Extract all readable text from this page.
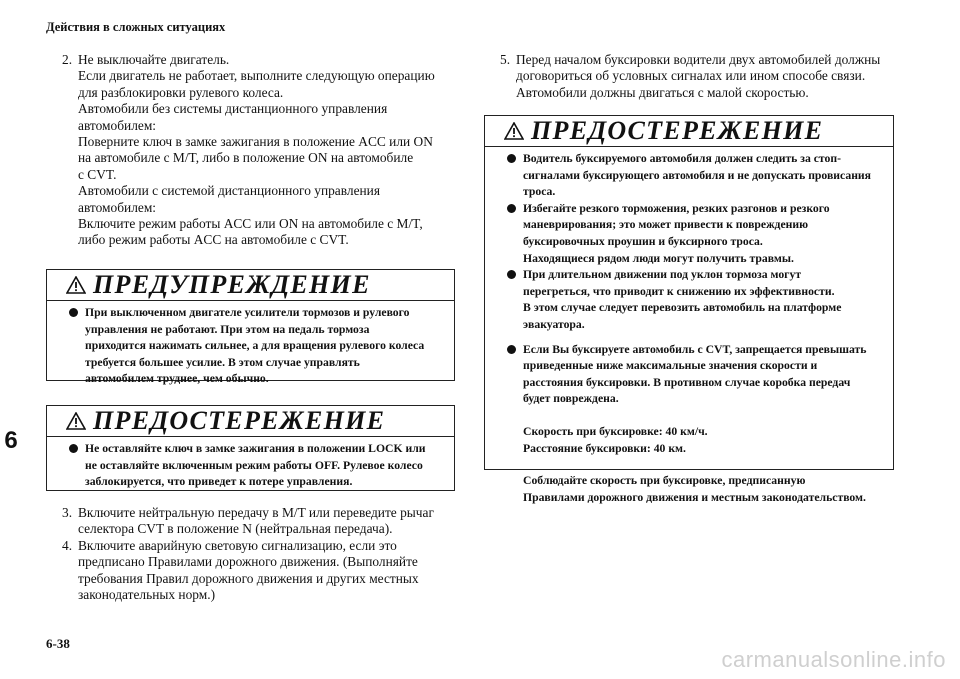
Действия в сложных ситуациях
6
2. Не выключайте двигатель.
Если двигатель не работает, выполните следующую операцию
для разблокировки рулевого колеса.
Автомобили без системы дистанционного управления
автомобилем:
Поверните ключ в замке зажигания в положение ACC или ON
на автомобиле с M/T, либо в положение ON на автомобиле
с CVT.
Автомобили с системой дистанционного управления
автомобилем:
Включите режим работы ACC или ON на автомобиле с M/T,
либо режим работы ACC на автомобиле с CVT.
ПРЕДУПРЕЖДЕНИЕ
При выключенном двигателе усилители тормозов и рулевого
управления не работают. При этом на педаль тормоза
приходится нажимать сильнее, а для вращения рулевого колеса
требуется большее усилие. В этом случае управлять
автомобилем труднее, чем обычно.
ПРЕДОСТЕРЕЖЕНИЕ
Не оставляйте ключ в замке зажигания в положении LOCK или
не оставляйте включенным режим работы OFF. Рулевое колесо
заблокируется, что приведет к потере управления.
3. Включите нейтральную передачу в M/T или переведите рычаг
селектора CVT в положение N (нейтральная передача).
4. Включите аварийную световую сигнализацию, если это
предписано Правилами дорожного движения. (Выполняйте
требования Правил дорожного движения и других местных
законодательных норм.)
5. Перед началом буксировки водители двух автомобилей должны
договориться об условных сигналах или ином способе связи.
Автомобили должны двигаться с малой скоростью.
ПРЕДОСТЕРЕЖЕНИЕ
Водитель буксируемого автомобиля должен следить за стоп-
сигналами буксирующего автомобиля и не допускать провисания
троса.
Избегайте резкого торможения, резких разгонов и резкого
маневрирования; это может привести к повреждению
буксировочных проушин и буксирного троса.
Находящиеся рядом люди могут получить травмы.
При длительном движении под уклон тормоза могут
перегреться, что приводит к снижению их эффективности.
В этом случае следует перевозить автомобиль на платформе
эвакуатора.
Если Вы буксируете автомобиль с CVT, запрещается превышать
приведенные ниже максимальные значения скорости и
расстояния буксировки. В противном случае коробка передач
будет повреждена.
Скорость при буксировке: 40 км/ч.
Расстояние буксировки: 40 км.
Соблюдайте скорость при буксировке, предписанную
Правилами дорожного движения и местным законодательством.
6-38
carmanualsonline.info
